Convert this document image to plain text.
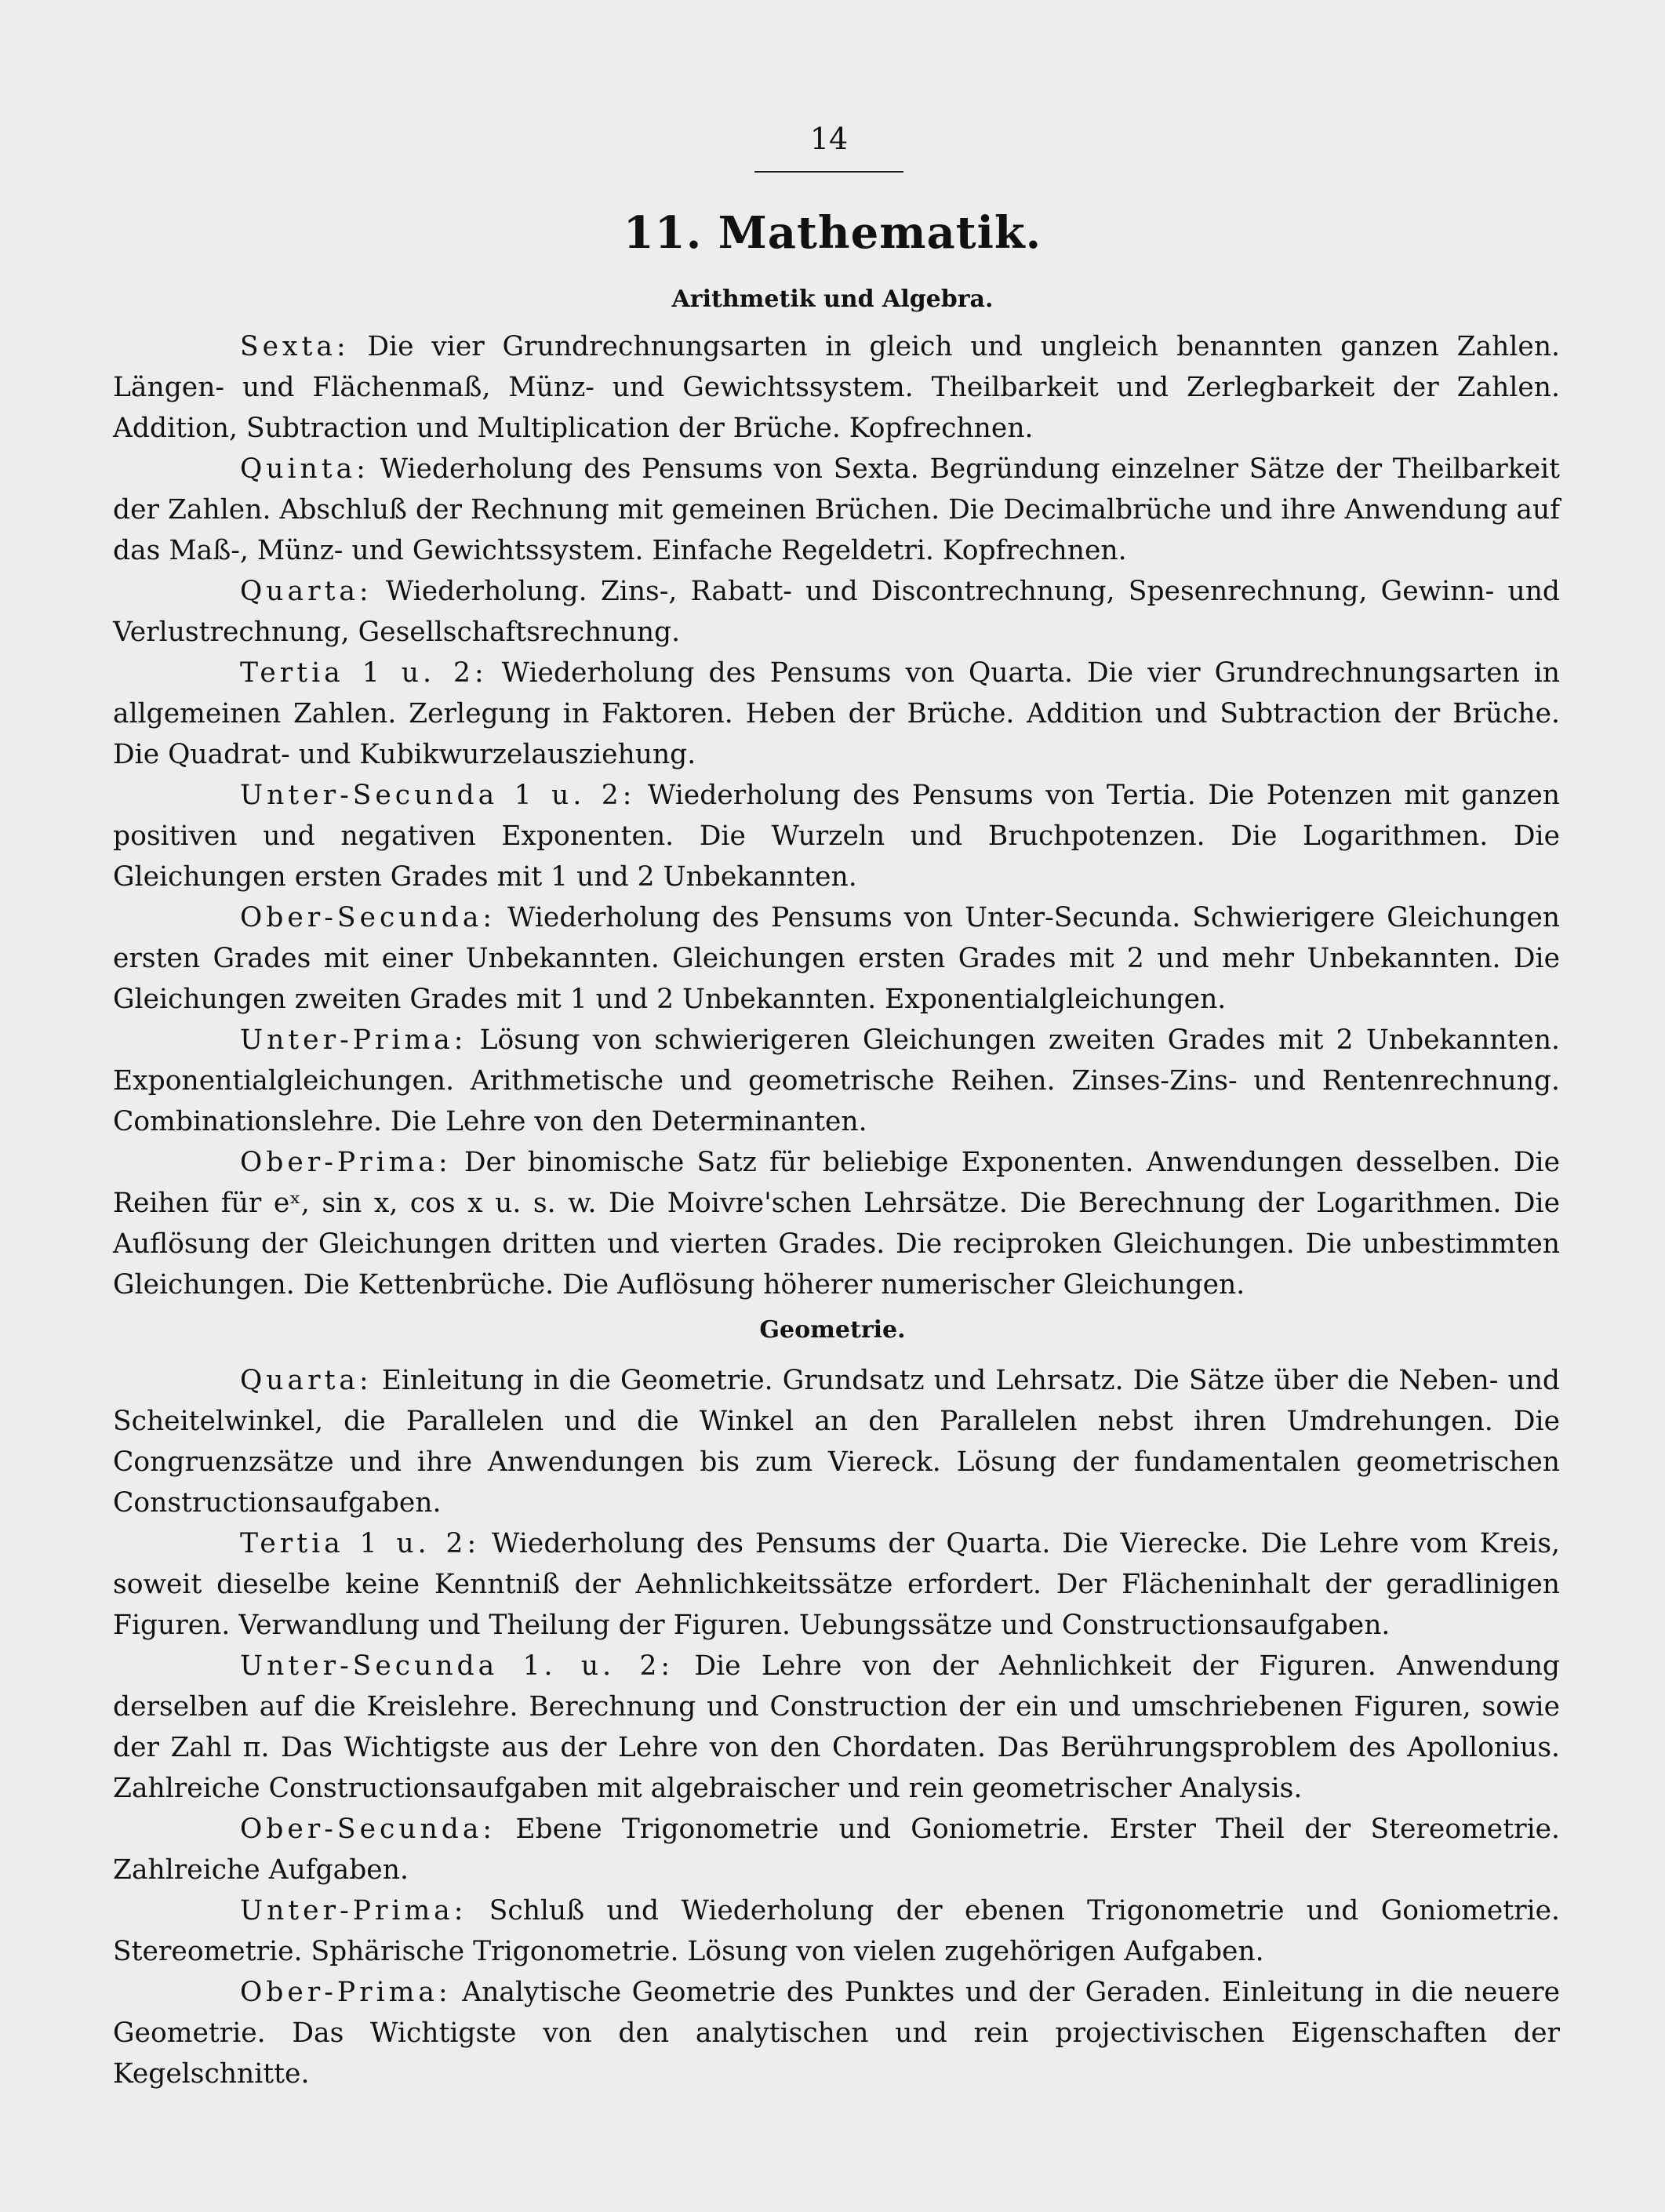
14
11. Mathematik.
Arithmetik und Algebra.
Sexta: Die vier Grundrechnungsarten in gleich und ungleich benannten ganzen Zahlen. Längen- und Flächenmaß, Münz- und Gewichtssystem. Theilbarkeit und Zerlegbarkeit der Zahlen. Addition, Subtraction und Multiplication der Brüche. Kopfrechnen.
Quinta: Wiederholung des Pensums von Sexta. Begründung einzelner Sätze der Theilbarkeit der Zahlen. Abschluß der Rechnung mit gemeinen Brüchen. Die Decimalbrüche und ihre Anwendung auf das Maß-, Münz- und Gewichtssystem. Einfache Regeldetri. Kopfrechnen.
Quarta: Wiederholung. Zins-, Rabatt- und Discontrechnung, Spesenrechnung, Gewinn- und Verlustrechnung, Gesellschaftsrechnung.
Tertia 1 u. 2: Wiederholung des Pensums von Quarta. Die vier Grundrechnungsarten in allgemeinen Zahlen. Zerlegung in Faktoren. Heben der Brüche. Addition und Subtraction der Brüche. Die Quadrat- und Kubikwurzelausziehung.
Unter-Secunda 1 u. 2: Wiederholung des Pensums von Tertia. Die Potenzen mit ganzen positiven und negativen Exponenten. Die Wurzeln und Bruchpotenzen. Die Logarithmen. Die Gleichungen ersten Grades mit 1 und 2 Unbekannten.
Ober-Secunda: Wiederholung des Pensums von Unter-Secunda. Schwierigere Gleichungen ersten Grades mit einer Unbekannten. Gleichungen ersten Grades mit 2 und mehr Unbekannten. Die Gleichungen zweiten Grades mit 1 und 2 Unbekannten. Exponentialgleichungen.
Unter-Prima: Lösung von schwierigeren Gleichungen zweiten Grades mit 2 Unbekannten. Exponentialgleichungen. Arithmetische und geometrische Reihen. Zinses-Zins- und Rentenrechnung. Combinationslehre. Die Lehre von den Determinanten.
Ober-Prima: Der binomische Satz für beliebige Exponenten. Anwendungen desselben. Die Reihen für eˣ, sin x, cos x u. s. w. Die Moivre'schen Lehrsätze. Die Berechnung der Logarithmen. Die Auflösung der Gleichungen dritten und vierten Grades. Die reciproken Gleichungen. Die unbestimmten Gleichungen. Die Kettenbrüche. Die Auflösung höherer numerischer Gleichungen.
Geometrie.
Quarta: Einleitung in die Geometrie. Grundsatz und Lehrsatz. Die Sätze über die Neben- und Scheitelwinkel, die Parallelen und die Winkel an den Parallelen nebst ihren Umdrehungen. Die Congruenzsätze und ihre Anwendungen bis zum Viereck. Lösung der fundamentalen geometrischen Constructionsaufgaben.
Tertia 1 u. 2: Wiederholung des Pensums der Quarta. Die Vierecke. Die Lehre vom Kreis, soweit dieselbe keine Kenntniß der Aehnlichkeitssätze erfordert. Der Flächeninhalt der geradlinigen Figuren. Verwandlung und Theilung der Figuren. Uebungssätze und Constructionsaufgaben.
Unter-Secunda 1. u. 2: Die Lehre von der Aehnlichkeit der Figuren. Anwendung derselben auf die Kreislehre. Berechnung und Construction der ein und umschriebenen Figuren, sowie der Zahl π. Das Wichtigste aus der Lehre von den Chordaten. Das Berührungsproblem des Apollonius. Zahlreiche Constructionsaufgaben mit algebraischer und rein geometrischer Analysis.
Ober-Secunda: Ebene Trigonometrie und Goniometrie. Erster Theil der Stereometrie. Zahlreiche Aufgaben.
Unter-Prima: Schluß und Wiederholung der ebenen Trigonometrie und Goniometrie. Stereometrie. Sphärische Trigonometrie. Lösung von vielen zugehörigen Aufgaben.
Ober-Prima: Analytische Geometrie des Punktes und der Geraden. Einleitung in die neuere Geometrie. Das Wichtigste von den analytischen und rein projectivischen Eigenschaften der Kegelschnitte.
